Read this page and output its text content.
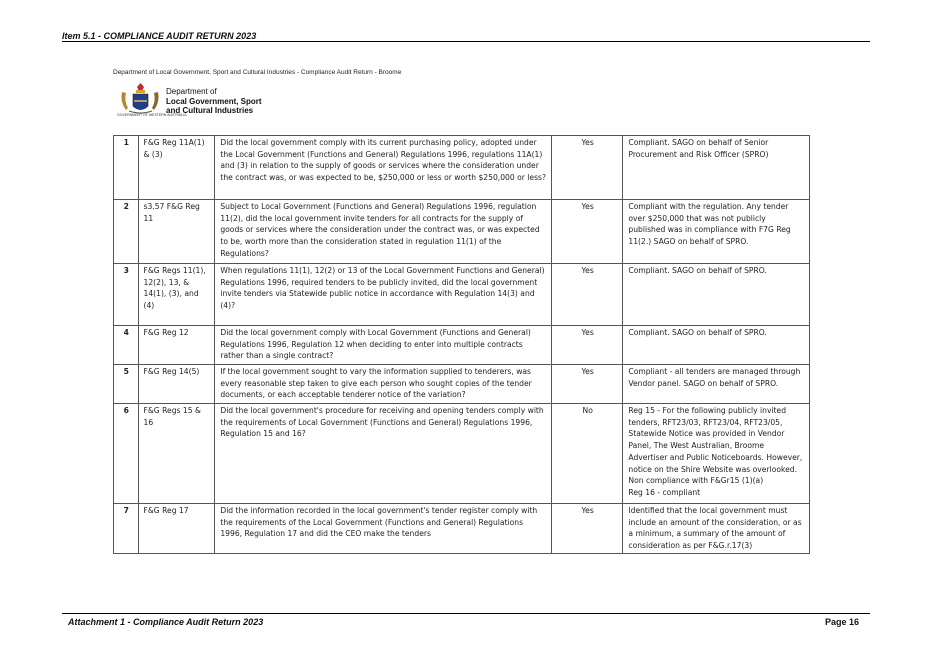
Item 5.1 - COMPLIANCE AUDIT RETURN 2023
Department of Local Government, Sport and Cultural Industries - Compliance Audit Return - Broome
GOVERNMENT OF WESTERN AUSTRALIA
Department of
Local Government, Sport
and Cultural Industries
1	F&G Reg 11A(1) & (3)	Did the local government comply with its current purchasing policy, adopted under the Local Government (Functions and General) Regulations 1996, regulations 11A(1) and (3) in relation to the supply of goods or services where the consideration under the contract was, or was expected to be, $250,000 or less or worth $250,000 or less?	Yes	Compliant. SAGO on behalf of Senior Procurement and Risk Officer (SPRO)
2	s3.57 F&G Reg 11	Subject to Local Government (Functions and General) Regulations 1996, regulation 11(2), did the local government invite tenders for all contracts for the supply of goods or services where the consideration under the contract was, or was expected to be, worth more than the consideration stated in regulation 11(1) of the Regulations?	Yes	Compliant with the regulation. Any tender over $250,000 that was not publicly published was in compliance with F7G Reg 11(2.) SAGO on behalf of SPRO.
3	F&G Regs 11(1), 12(2), 13, & 14(1), (3), and (4)	When regulations 11(1), 12(2) or 13 of the Local Government Functions and General) Regulations 1996, required tenders to be publicly invited, did the local government invite tenders via Statewide public notice in accordance with Regulation 14(3) and (4)?	Yes	Compliant. SAGO on behalf of SPRO.
4	F&G Reg 12	Did the local government comply with Local Government (Functions and General) Regulations 1996, Regulation 12 when deciding to enter into multiple contracts rather than a single contract?	Yes	Compliant. SAGO on behalf of SPRO.
5	F&G Reg 14(5)	If the local government sought to vary the information supplied to tenderers, was every reasonable step taken to give each person who sought copies of the tender documents, or each acceptable tenderer notice of the variation?	Yes	Compliant - all tenders are managed through Vendor panel. SAGO on behalf of SPRO.
6	F&G Regs 15 & 16	Did the local government's procedure for receiving and opening tenders comply with the requirements of Local Government (Functions and General) Regulations 1996, Regulation 15 and 16?	No	Reg 15 - For the following publicly invited tenders, RFT23/03, RFT23/04, RFT23/05, Statewide Notice was provided in Vendor Panel, The West Australian, Broome Advertiser and Public Noticeboards. However, notice on the Shire Website was overlooked. Non compliance with F&Gr15 (1)(a)
Reg 16 - compliant
7	F&G Reg 17	Did the information recorded in the local government's tender register comply with the requirements of the Local Government (Functions and General) Regulations 1996, Regulation 17 and did the CEO make the tenders	Yes	Identified that the local government must include an amount of the consideration, or as a minimum, a summary of the amount of consideration as per F&G.r.17(3)
Attachment 1 - Compliance Audit Return 2023	Page 16
